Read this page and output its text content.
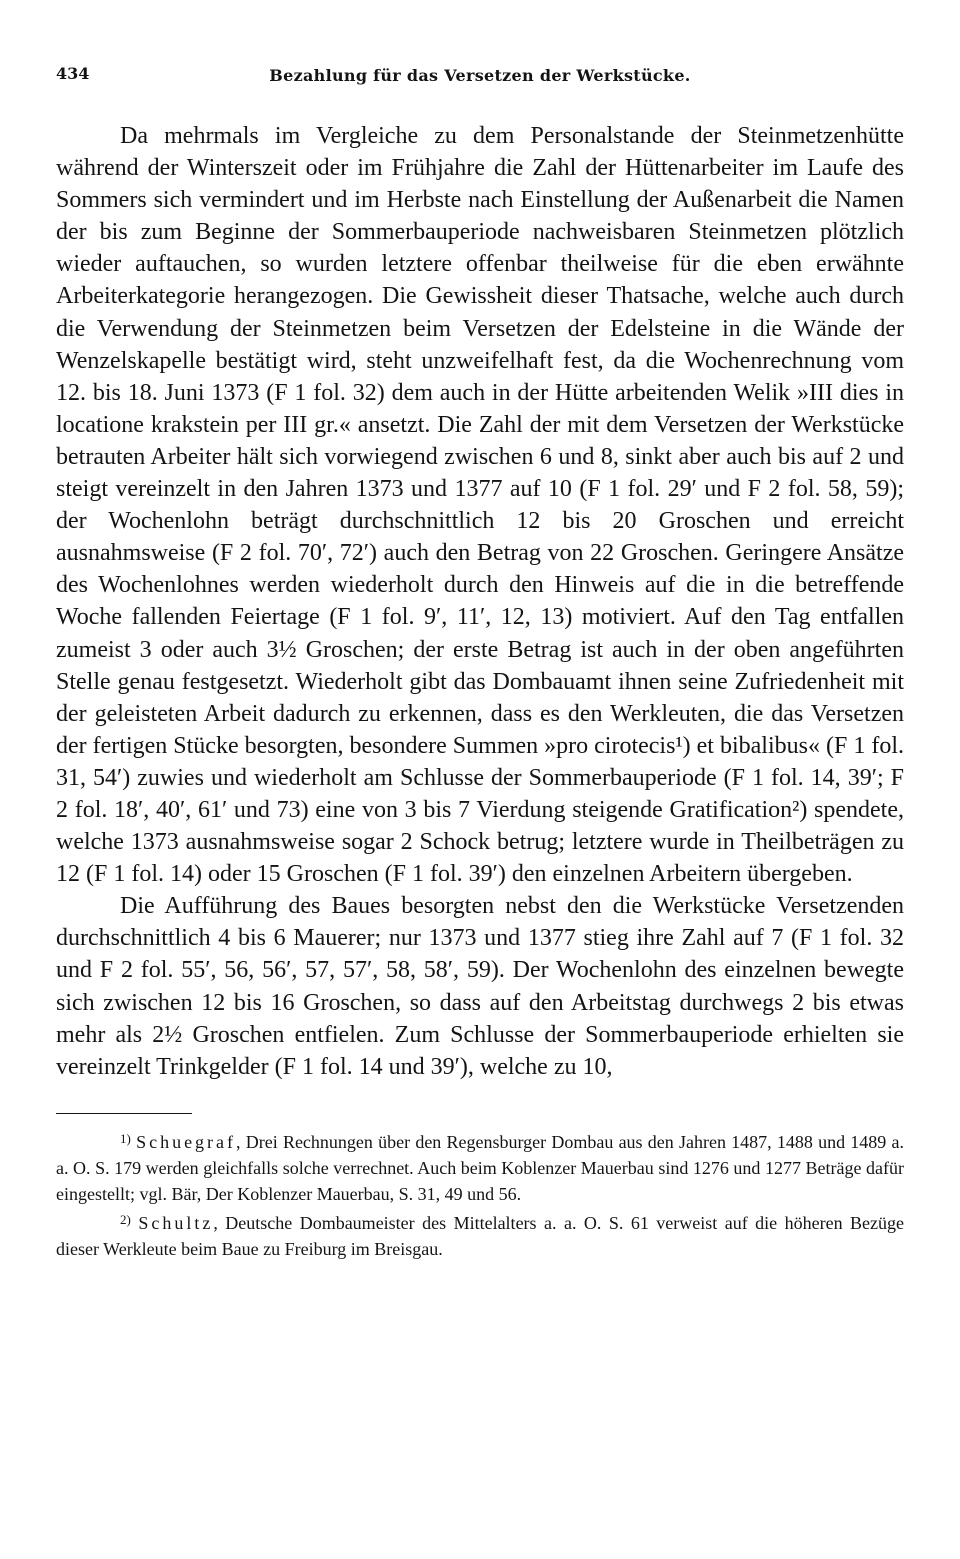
434	Bezahlung für das Versetzen der Werkstücke.

Da mehrmals im Vergleiche zu dem Personalstande der Steinmetzenhütte während der Winterszeit oder im Frühjahre die Zahl der Hüttenarbeiter im Laufe des Sommers sich vermindert und im Herbste nach Einstellung der Außenarbeit die Namen der bis zum Beginne der Sommerbauperiode nachweisbaren Steinmetzen plötzlich wieder auftauchen, so wurden letztere offenbar theilweise für die eben erwähnte Arbeiterkategorie herangezogen. Die Gewissheit dieser Thatsache, welche auch durch die Verwendung der Steinmetzen beim Versetzen der Edelsteine in die Wände der Wenzelskapelle bestätigt wird, steht unzweifelhaft fest, da die Wochenrechnung vom 12. bis 18. Juni 1373 (F 1 fol. 32) dem auch in der Hütte arbeitenden Welik »III dies in locatione krakstein per III gr.« ansetzt. Die Zahl der mit dem Versetzen der Werkstücke betrauten Arbeiter hält sich vorwiegend zwischen 6 und 8, sinkt aber auch bis auf 2 und steigt vereinzelt in den Jahren 1373 und 1377 auf 10 (F 1 fol. 29′ und F 2 fol. 58, 59); der Wochenlohn beträgt durchschnittlich 12 bis 20 Groschen und erreicht ausnahmsweise (F 2 fol. 70′, 72′) auch den Betrag von 22 Groschen. Geringere Ansätze des Wochenlohnes werden wiederholt durch den Hinweis auf die in die betreffende Woche fallenden Feiertage (F 1 fol. 9′, 11′, 12, 13) motiviert. Auf den Tag entfallen zumeist 3 oder auch 3½ Groschen; der erste Betrag ist auch in der oben angeführten Stelle genau festgesetzt. Wiederholt gibt das Dombauamt ihnen seine Zufriedenheit mit der geleisteten Arbeit dadurch zu erkennen, dass es den Werkleuten, die das Versetzen der fertigen Stücke besorgten, besondere Summen »pro cirotecis¹) et bibalibus« (F 1 fol. 31, 54′) zuwies und wiederholt am Schlusse der Sommerbauperiode (F 1 fol. 14, 39′; F 2 fol. 18′, 40′, 61′ und 73) eine von 3 bis 7 Vierdung steigende Gratification²) spendete, welche 1373 ausnahmsweise sogar 2 Schock betrug; letztere wurde in Theilbeträgen zu 12 (F 1 fol. 14) oder 15 Groschen (F 1 fol. 39′) den einzelnen Arbeitern übergeben.

Die Aufführung des Baues besorgten nebst den die Werkstücke Versetzenden durchschnittlich 4 bis 6 Mauerer; nur 1373 und 1377 stieg ihre Zahl auf 7 (F 1 fol. 32 und F 2 fol. 55′, 56, 56′, 57, 57′, 58, 58′, 59). Der Wochenlohn des einzelnen bewegte sich zwischen 12 bis 16 Groschen, so dass auf den Arbeitstag durchwegs 2 bis etwas mehr als 2½ Groschen entfielen. Zum Schlusse der Sommerbauperiode erhielten sie vereinzelt Trinkgelder (F 1 fol. 14 und 39′), welche zu 10,

$^{1)}$ Schuegraf, Drei Rechnungen über den Regensburger Dombau aus den Jahren 1487, 1488 und 1489 a. a. O. S. 179 werden gleichfalls solche verrechnet. Auch beim Koblenzer Mauerbau sind 1276 und 1277 Beträge dafür eingestellt; vgl. Bär, Der Koblenzer Mauerbau, S. 31, 49 und 56.

$^{2)}$ Schultz, Deutsche Dombaumeister des Mittelalters a. a. O. S. 61 verweist auf die höheren Bezüge dieser Werkleute beim Baue zu Freiburg im Breisgau.
